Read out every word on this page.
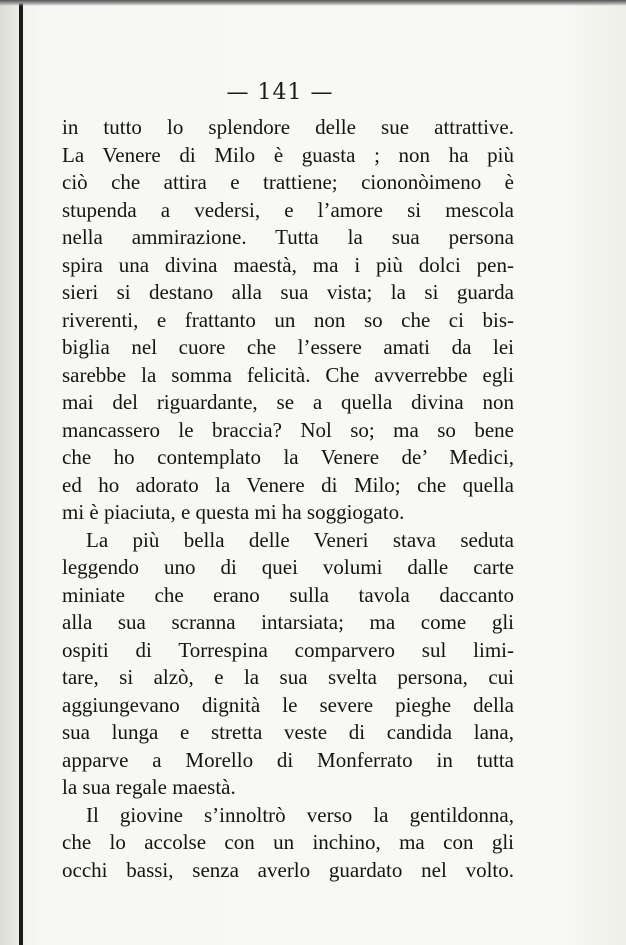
— 141 —
in tutto lo splendore delle sue attrattive.
La Venere di Milo è guasta ; non ha più
ciò che attira e trattiene; ciononòimeno è
stupenda a vedersi, e l’amore si mescola
nella ammirazione. Tutta la sua persona
spira una divina maestà, ma i più dolci pen-
sieri si destano alla sua vista; la si guarda
riverenti, e frattanto un non so che ci bis-
biglia nel cuore che l’essere amati da lei
sarebbe la somma felicità. Che avverrebbe egli
mai del riguardante, se a quella divina non
mancassero le braccia? Nol so; ma so bene
che ho contemplato la Venere de’ Medici,
ed ho adorato la Venere di Milo; che quella
mi è piaciuta, e questa mi ha soggiogato.
La più bella delle Veneri stava seduta
leggendo uno di quei volumi dalle carte
miniate che erano sulla tavola daccanto
alla sua scranna intarsiata; ma come gli
ospiti di Torrespina comparvero sul limi-
tare, si alzò, e la sua svelta persona, cui
aggiungevano dignità le severe pieghe della
sua lunga e stretta veste di candida lana,
apparve a Morello di Monferrato in tutta
la sua regale maestà.
Il giovine s’innoltrò verso la gentildonna,
che lo accolse con un inchino, ma con gli
occhi bassi, senza averlo guardato nel volto.
